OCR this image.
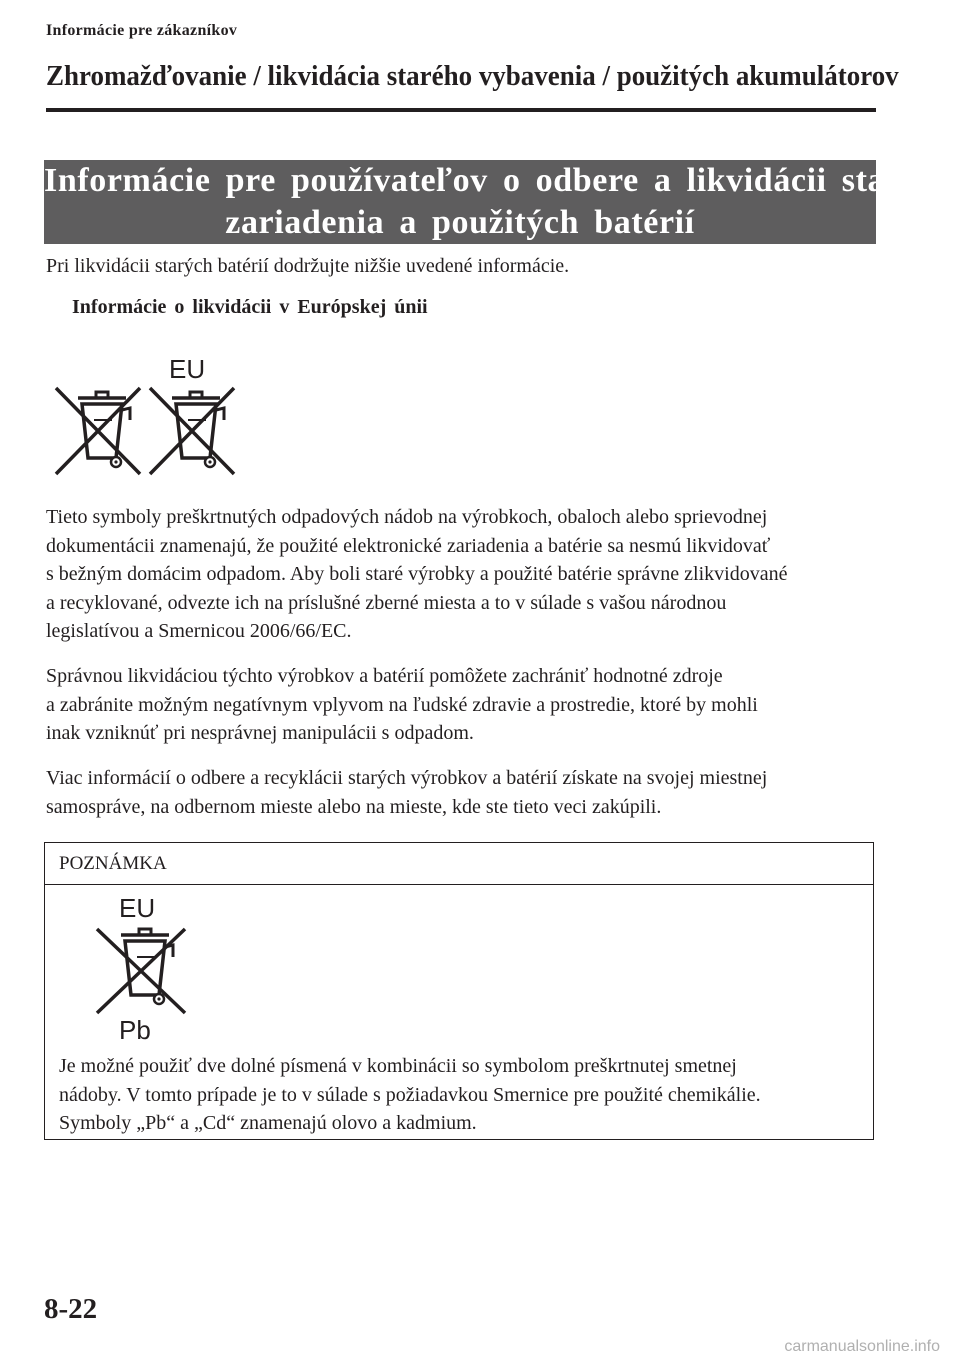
Informácie pre zákazníkov
Zhromažďovanie / likvidácia starého vybavenia / použitých akumulátorov
Informácie pre používateľov o odbere a likvidácii starého
zariadenia a použitých batérií
Pri likvidácii starých batérií dodržujte nižšie uvedené informácie.
Informácie o likvidácii v Európskej únii
EU
Tieto symboly preškrtnutých odpadových nádob na výrobkoch, obaloch alebo sprievodnej
dokumentácii znamenajú, že použité elektronické zariadenia a batérie sa nesmú likvidovať
s bežným domácim odpadom. Aby boli staré výrobky a použité batérie správne zlikvidované
a recyklované, odvezte ich na príslušné zberné miesta a to v súlade s vašou národnou
legislatívou a Smernicou 2006/66/EC.
Správnou likvidáciou týchto výrobkov a batérií pomôžete zachrániť hodnotné zdroje
a zabránite možným negatívnym vplyvom na ľudské zdravie a prostredie, ktoré by mohli
inak vzniknúť pri nesprávnej manipulácii s odpadom.
Viac informácií o odbere a recyklácii starých výrobkov a batérií získate na svojej miestnej
samospráve, na odbernom mieste alebo na mieste, kde ste tieto veci zakúpili.
POZNÁMKA
EU
Pb
Je možné použiť dve dolné písmená v kombinácii so symbolom preškrtnutej smetnej
nádoby. V tomto prípade je to v súlade s požiadavkou Smernice pre použité chemikálie.
Symboly „Pb“ a „Cd“ znamenajú olovo a kadmium.
8-22
carmanualsonline.info
